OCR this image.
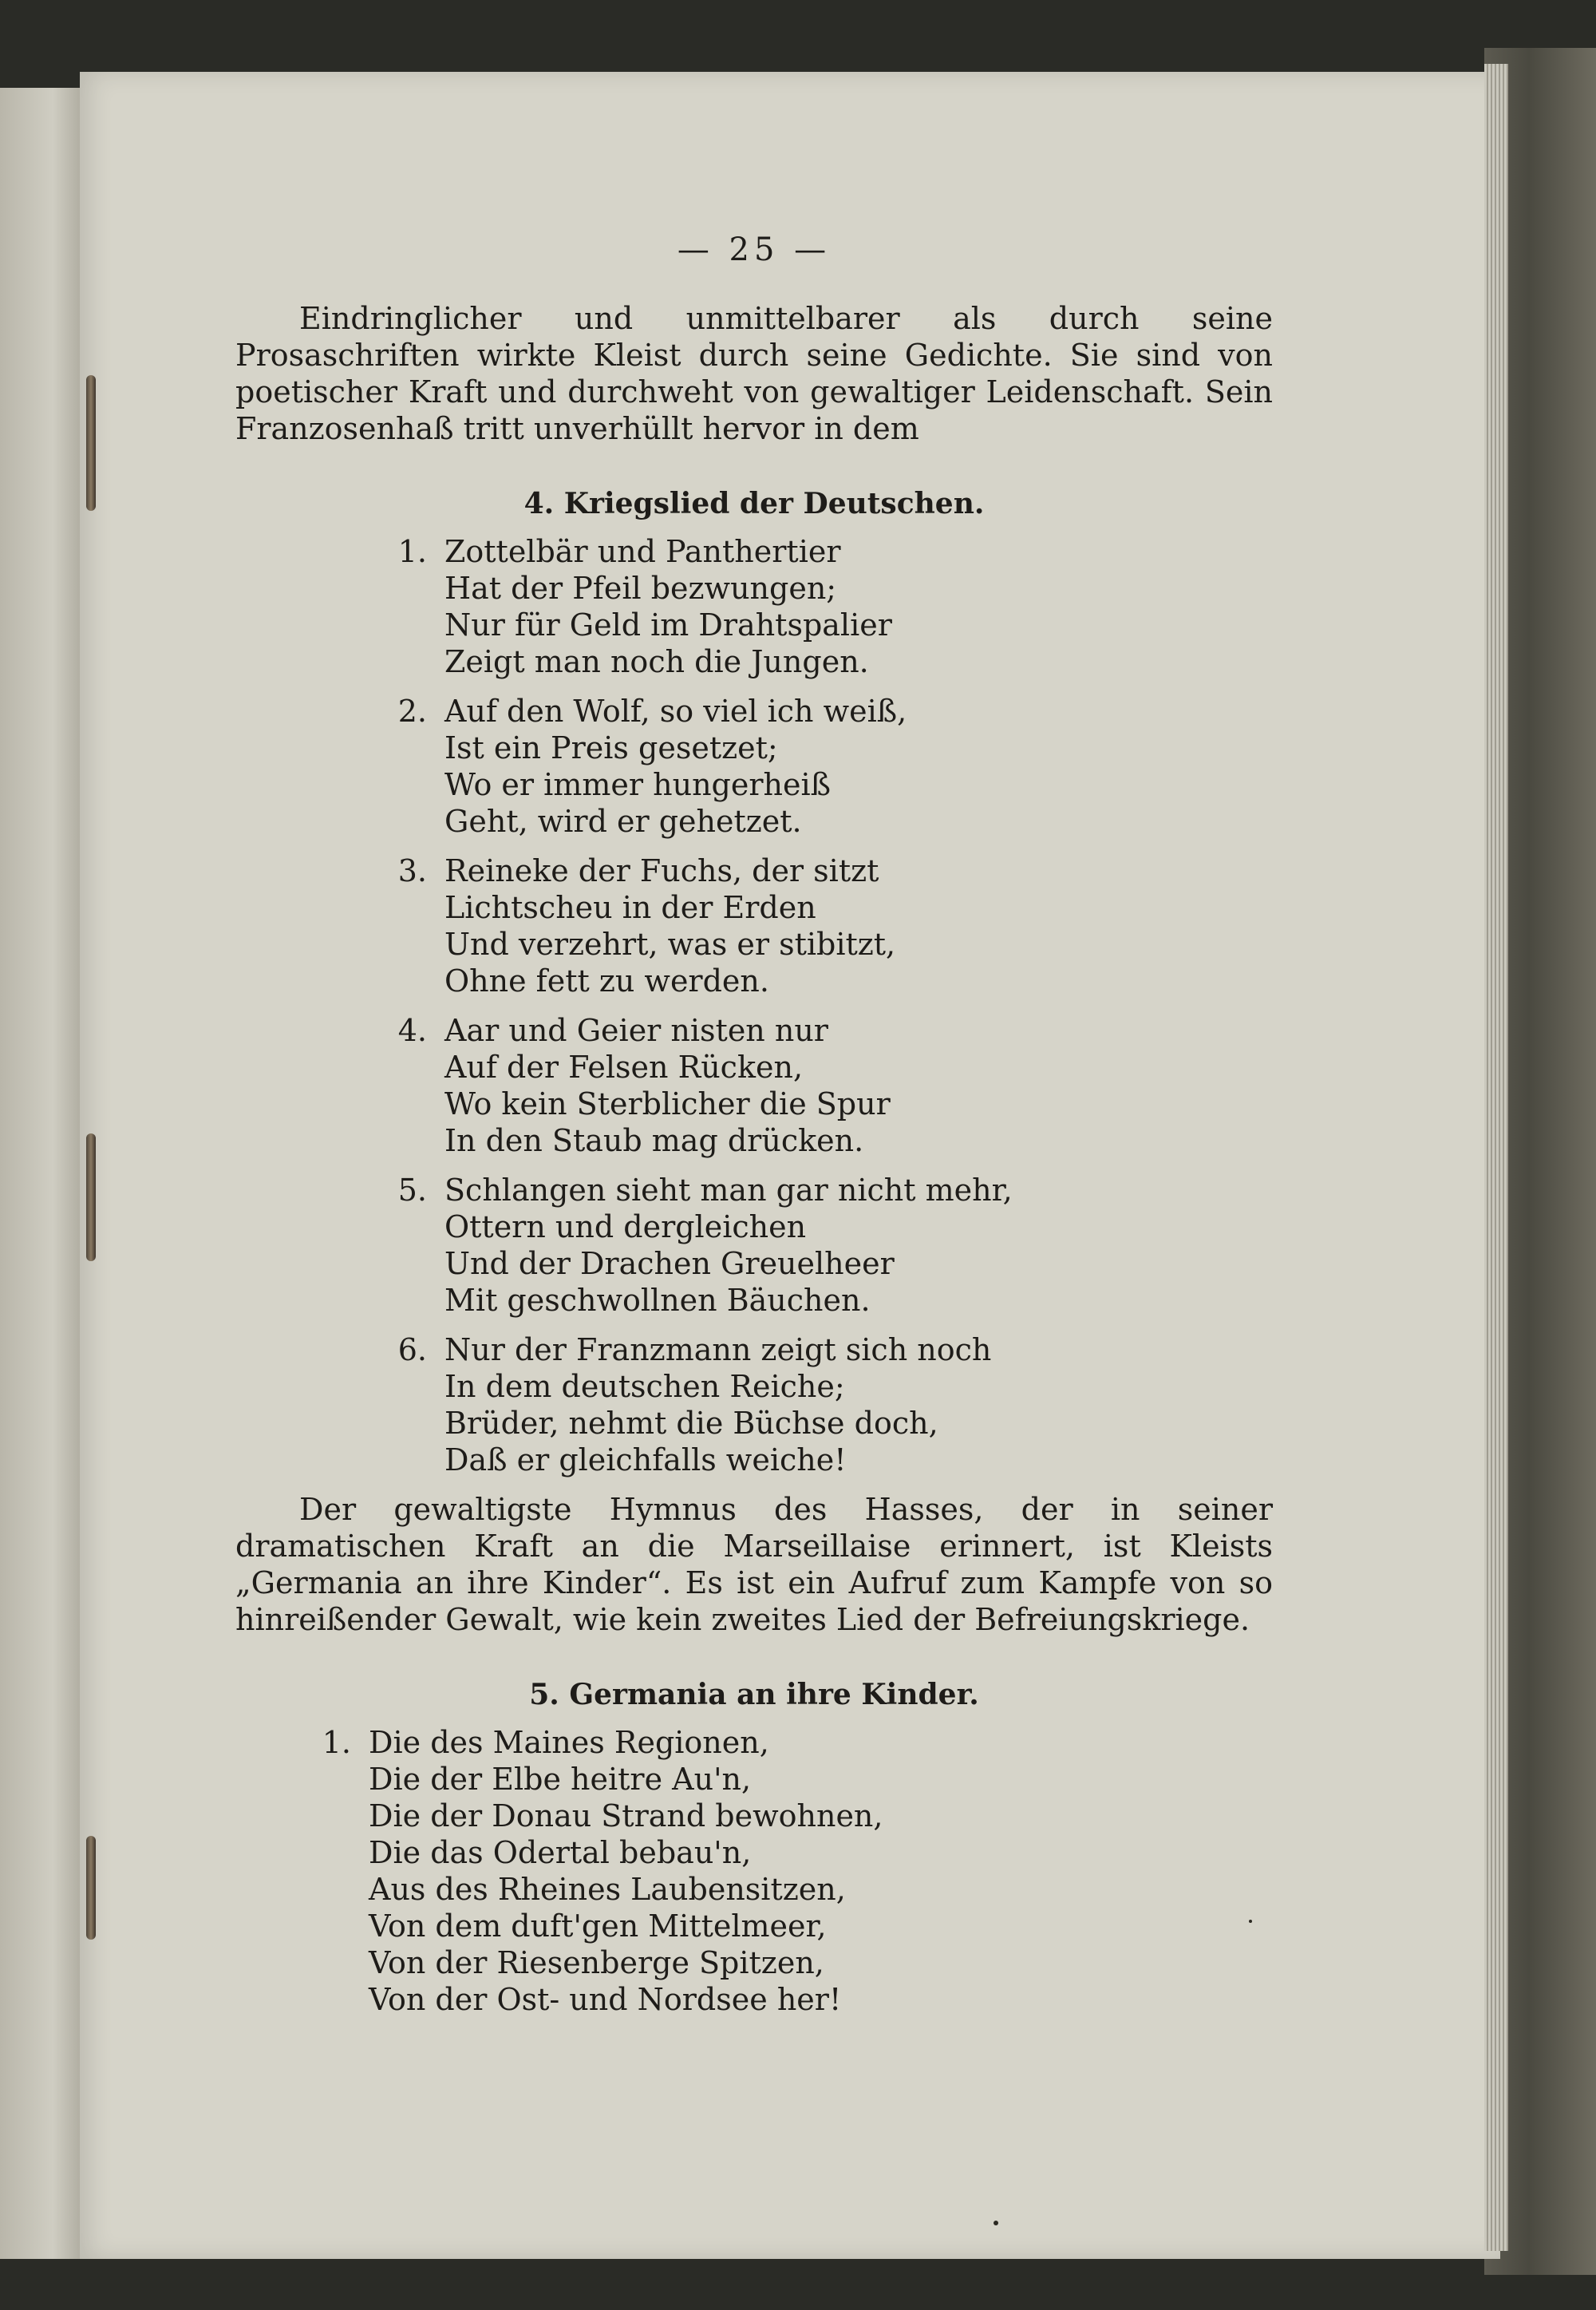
— 25 —

Eindringlicher und unmittelbarer als durch seine Prosaschriften wirkte Kleist durch seine Gedichte. Sie sind von poetischer Kraft und durchweht von gewaltiger Leidenschaft. Sein Franzosenhaß tritt unverhüllt hervor in dem

4. Kriegslied der Deutschen.
1. Zottelbär und Panthertier
Hat der Pfeil bezwungen;
Nur für Geld im Drahtspalier
Zeigt man noch die Jungen.
2. Auf den Wolf, so viel ich weiß,
Ist ein Preis gesetzet;
Wo er immer hungerheiß
Geht, wird er gehetzet.
3. Reineke der Fuchs, der sitzt
Lichtscheu in der Erden
Und verzehrt, was er stibitzt,
Ohne fett zu werden.
4. Aar und Geier nisten nur
Auf der Felsen Rücken,
Wo kein Sterblicher die Spur
In den Staub mag drücken.
5. Schlangen sieht man gar nicht mehr,
Ottern und dergleichen
Und der Drachen Greuelheer
Mit geschwollnen Bäuchen.
6. Nur der Franzmann zeigt sich noch
In dem deutschen Reiche;
Brüder, nehmt die Büchse doch,
Daß er gleichfalls weiche!

Der gewaltigste Hymnus des Hasses, der in seiner dramatischen Kraft an die Marseillaise erinnert, ist Kleists „Germania an ihre Kinder“. Es ist ein Aufruf zum Kampfe von so hinreißender Gewalt, wie kein zweites Lied der Befreiungskriege.

5. Germania an ihre Kinder.
1. Die des Maines Regionen,
Die der Elbe heitre Au'n,
Die der Donau Strand bewohnen,
Die das Odertal bebau'n,
Aus des Rheines Laubensitzen,
Von dem duft'gen Mittelmeer,
Von der Riesenberge Spitzen,
Von der Ost- und Nordsee her!
